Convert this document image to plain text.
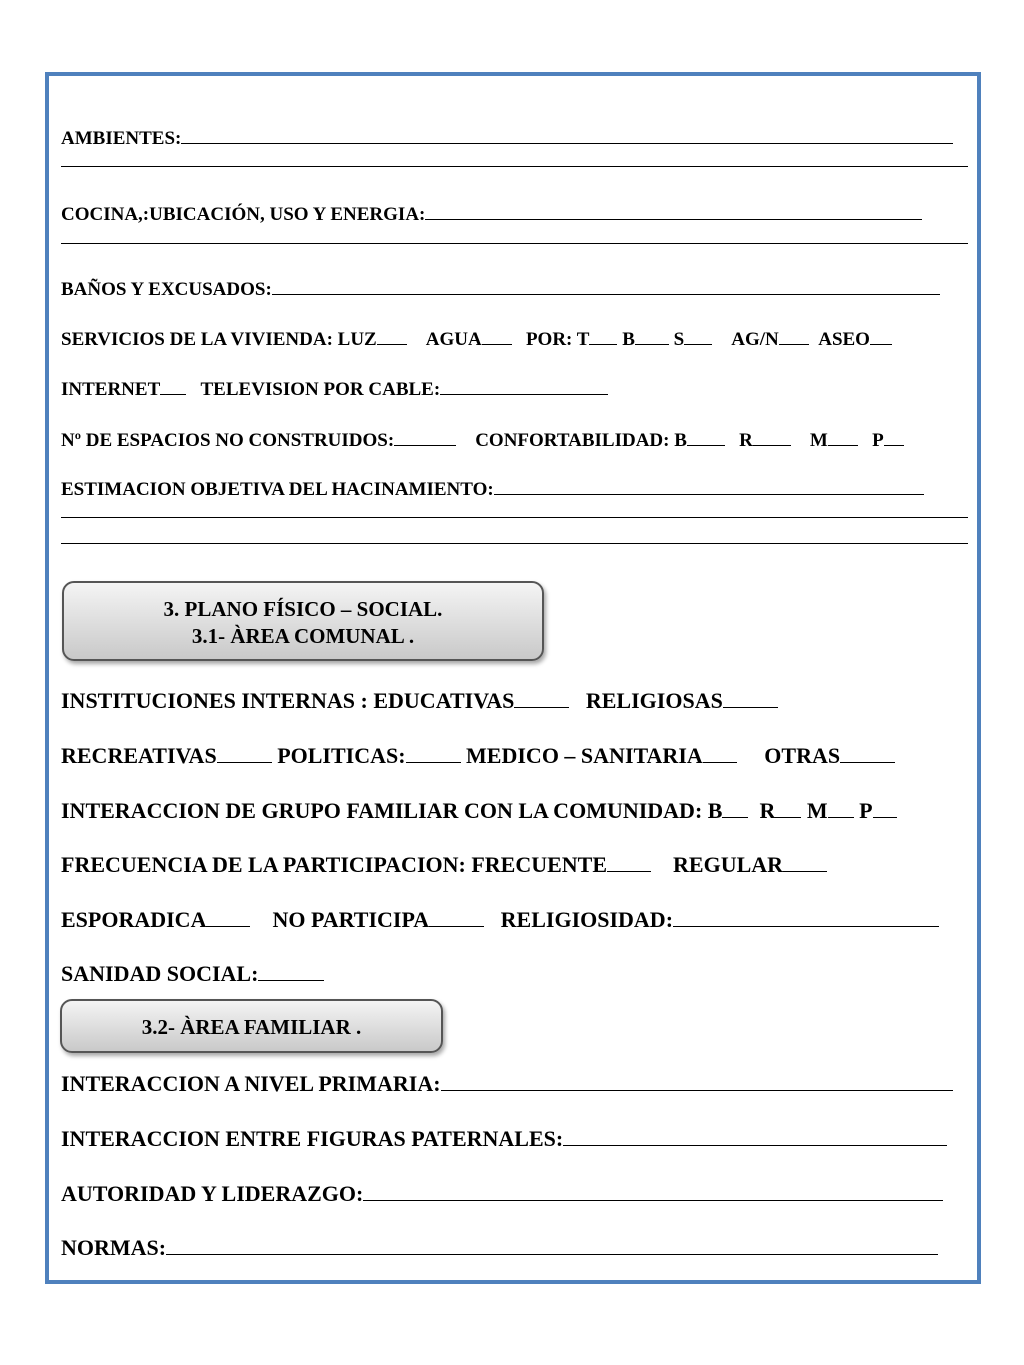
AMBIENTES:
COCINA,:UBICACIÓN, USO Y ENERGIA:
BAÑOS Y EXCUSADOS:
SERVICIOS DE LA VIVIENDA: LUZ	AGUA POR: T B S AG/N ASEO
INTERNET TELEVISION POR CABLE:
Nº DE ESPACIOS NO CONSTRUIDOS:	CONFORTABILIDAD: B	R	M P
ESTIMACION OBJETIVA DEL HACINAMIENTO:
3. PLANO FÍSICO – SOCIAL.
3.1- ÀREA COMUNAL .
INSTITUCIONES INTERNAS : EDUCATIVAS	RELIGIOSAS
RECREATIVAS	POLITICAS:	MEDICO – SANITARIA	OTRAS
INTERACCION DE GRUPO FAMILIAR CON LA COMUNIDAD: B R M P
FRECUENCIA DE LA PARTICIPACION: FRECUENTE	REGULAR
ESPORADICA	NO PARTICIPA	RELIGIOSIDAD:
SANIDAD SOCIAL:
3.2- ÀREA FAMILIAR .
INTERACCION A NIVEL PRIMARIA:
INTERACCION ENTRE FIGURAS PATERNALES:
AUTORIDAD Y LIDERAZGO:
NORMAS:
